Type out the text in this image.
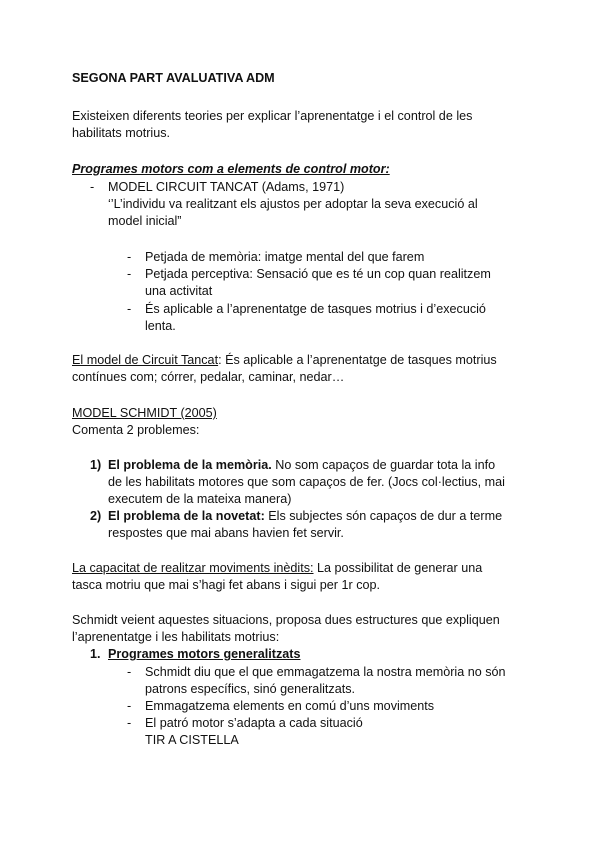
SEGONA PART AVALUATIVA ADM
Existeixen diferents teories per explicar l’aprenentatge i el control de les
habilitats motrius.
Programes motors com a elements de control motor:
- MODEL CIRCUIT TANCAT (Adams, 1971)
‘’L’individu va realitzant els ajustos per adoptar la seva execució al
model inicial”
- Petjada de memòria: imatge mental del que farem
- Petjada perceptiva: Sensació que es té un cop quan realitzem
una activitat
- És aplicable a l’aprenentatge de tasques motrius i d’execució
lenta.
El model de Circuit Tancat: És aplicable a l’aprenentatge de tasques motrius
contínues com; córrer, pedalar, caminar, nedar…
MODEL SCHMIDT (2005)
Comenta 2 problemes:
1) El problema de la memòria. No som capaços de guardar tota la info
de les habilitats motores que som capaços de fer. (Jocs col·lectius, mai
executem de la mateixa manera)
2) El problema de la novetat: Els subjectes són capaços de dur a terme
respostes que mai abans havien fet servir.
La capacitat de realitzar moviments inèdits: La possibilitat de generar una
tasca motriu que mai s’hagi fet abans i sigui per 1r cop.
Schmidt veient aquestes situacions, proposa dues estructures que expliquen
l’aprenentatge i les habilitats motrius:
1. Programes motors generalitzats
- Schmidt diu que el que emmagatzema la nostra memòria no són
patrons específics, sinó generalitzats.
- Emmagatzema elements en comú d’uns moviments
- El patró motor s’adapta a cada situació
TIR A CISTELLA
